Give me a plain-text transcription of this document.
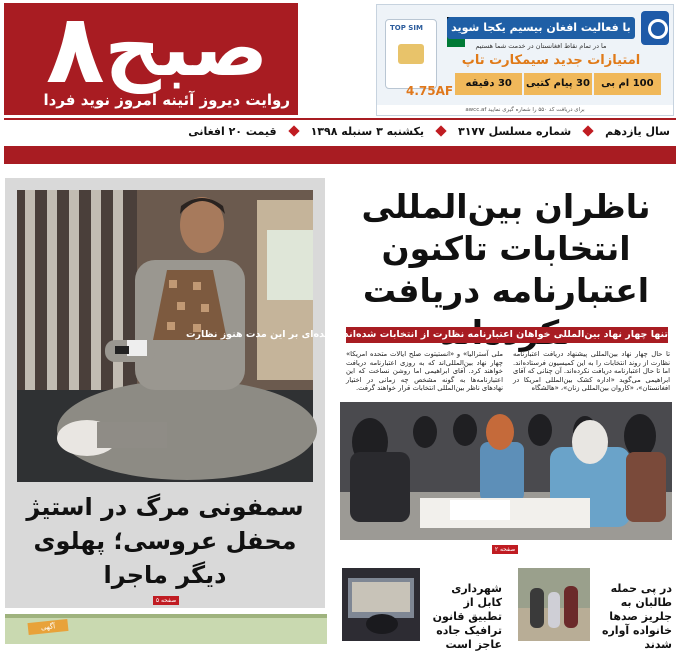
صبح
۸
روایت دیروز آئینه امروز نوید فردا
TOP SIM
4.75AF
با فعالیت افغان بیسیم یکجا شوید
ما در تمام نقاط افغانستان در خدمت شما هستیم
امتیازات جدید سیمکارت تاپ
100 ام بی
30 پیام کتبی
30 دقیقه
برای دریافت کد ۵۵۰ را شماره گیری نمایید awcc.af
سال یازدهم
شماره مسلسل ۳۱۷۷
یکشنبه ۳ سنبله ۱۳۹۸
قیمت ۲۰ افغانی
سمفونی مرگ در استیژ محفل عروسی؛ پهلوی دیگر ماجرا
صفحه ۵
آگهی
ناظران بین‌المللی انتخابات تاکنون اعتبارنامه دریافت
تنها چهار نهاد بین‌المللی خواهان اعتبارنامه نظارت از انتخابات شده‌اند و عده‌ای بر این مدت هنوز نظارت
تا حال چهار نهاد بین‌المللی پیشنهاد دریافت اعتبارنامه نظارت از روند انتخابات را به این کمیسیون فرستاده‌اند. اما تا حال اعتبارنامه دریافت نکرده‌اند. آن چنانی که آقای ابراهیمی می‌گوید «اداره کشک بین‌المللی امریکا در افغانستان»، «کاروان بین‌المللی زنان»، «هالشگاه
ملی آسترالیا» و «انستیتوت صلح ایالات متحده امریکا» چهار نهاد بین‌المللی‌اند که به روزی اعتبارنامه دریافت خواهند کرد. آقای ابراهیمی اما روشن نساخت که این اعتبارنامه‌ها به گونه مشخص چه زمانی در اختیار نهادهای ناظر بین‌المللی انتخابات قرار خواهند گرفت.
صفحه ۲
شهرداری کابل از تطبیق قانون ترافیک جاده عاجز است
در پی حمله طالبان به جلریز صدها خانواده آواره شدند
